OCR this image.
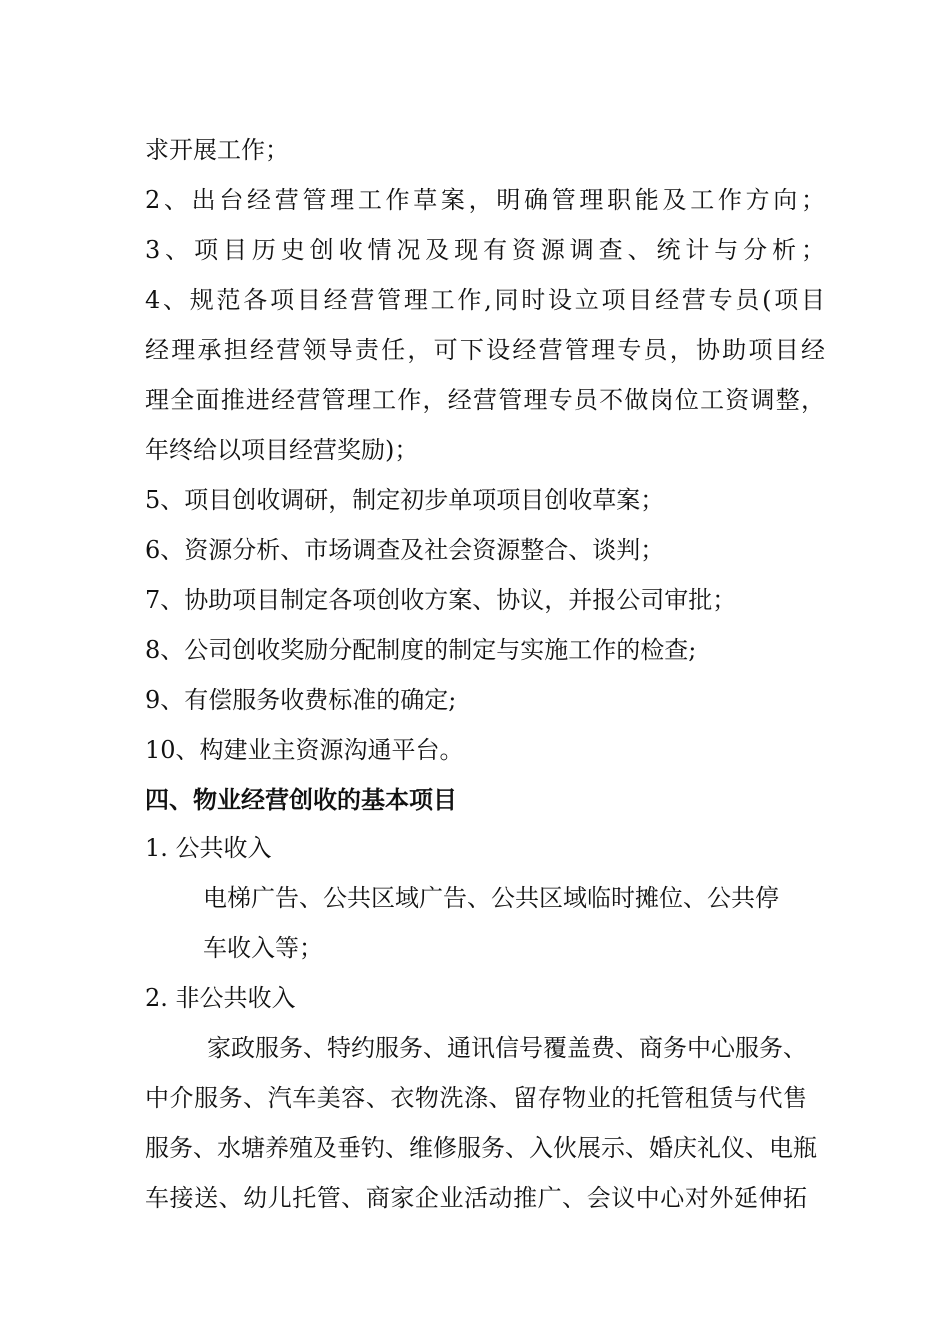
求开展工作；
2、出台经营管理工作草案，明确管理职能及工作方向；
3、项目历史创收情况及现有资源调查、统计与分析；
4、规范各项目经营管理工作,同时设立项目经营专员(项目
经理承担经营领导责任，可下设经营管理专员，协助项目经
理全面推进经营管理工作，经营管理专员不做岗位工资调整，
年终给以项目经营奖励)；
5、项目创收调研，制定初步单项项目创收草案；
6、资源分析、市场调查及社会资源整合、谈判；
7、协助项目制定各项创收方案、协议，并报公司审批；
8、公司创收奖励分配制度的制定与实施工作的检查;
9、有偿服务收费标准的确定;
10、构建业主资源沟通平台。
四、物业经营创收的基本项目
1. 公共收入
电梯广告、公共区域广告、公共区域临时摊位、公共停
车收入等；
2. 非公共收入
家政服务、特约服务、通讯信号覆盖费、商务中心服务、
中介服务、汽车美容、衣物洗涤、留存物业的托管租赁与代售
服务、水塘养殖及垂钓、维修服务、入伙展示、婚庆礼仪、电瓶
车接送、幼儿托管、商家企业活动推广、会议中心对外延伸拓
